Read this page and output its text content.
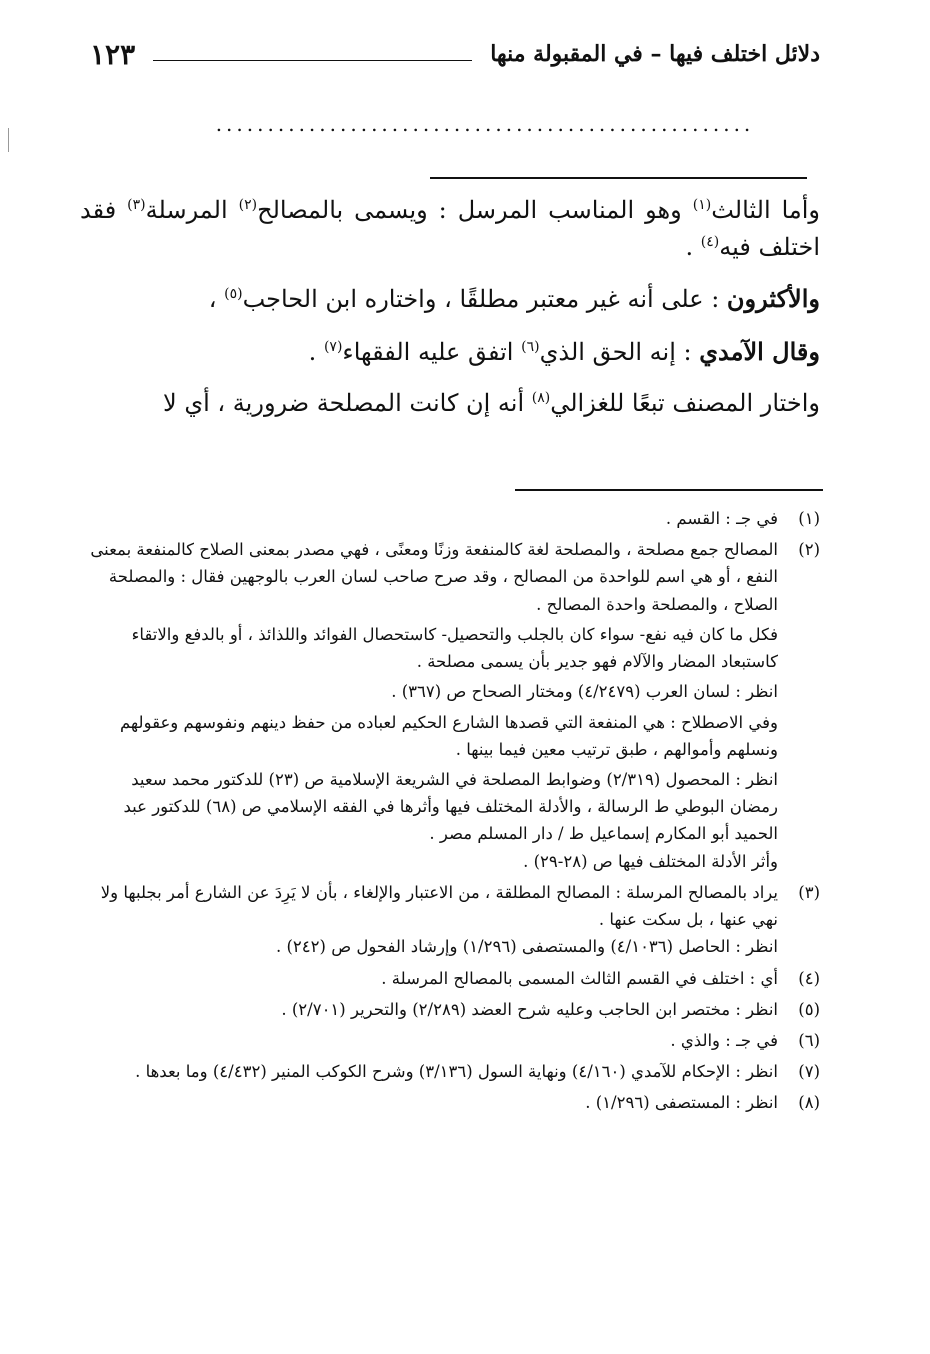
دلائل اختلف فيها – في المقبولة منها
١٢٣
....................................................

وأما الثالث$^{(١)}$ وهو المناسب المرسل : ويسمى بالمصالح$^{(٢)}$ المرسلة$^{(٣)}$ فقد اختلف فيه$^{(٤)}$ .

والأكثرون : على أنه غير معتبر مطلقًا ، واختاره ابن الحاجب$^{(٥)}$ ،

وقال الآمدي : إنه الحق الذي$^{(٦)}$ اتفق عليه الفقهاء$^{(٧)}$ .

واختار المصنف تبعًا للغزالي$^{(٨)}$ أنه إن كانت المصلحة ضرورية ، أي لا

(١)

في جـ : القسم .

(٢)

المصالح جمع مصلحة ، والمصلحة لغة كالمنفعة وزنًا ومعنًى ، فهي مصدر بمعنى الصلاح كالمنفعة بمعنى النفع ، أو هي اسم للواحدة من المصالح ، وقد صرح صاحب لسان العرب بالوجهين فقال : والمصلحة الصلاح ، والمصلحة واحدة المصالح .

فكل ما كان فيه نفع- سواء كان بالجلب والتحصيل- كاستحصال الفوائد واللذائذ ، أو بالدفع والاتقاء كاستبعاد المضار والآلام فهو جدير بأن يسمى مصلحة .

انظر : لسان العرب (٤/٢٤٧٩) ومختار الصحاح ص (٣٦٧) .

وفي الاصطلاح : هي المنفعة التي قصدها الشارع الحكيم لعباده من حفظ دينهم ونفوسهم وعقولهم ونسلهم وأموالهم ، طبق ترتيب معين فيما بينها .

انظر : المحصول (٢/٣١٩) وضوابط المصلحة في الشريعة الإسلامية ص (٢٣) للدكتور محمد سعيد رمضان البوطي ط الرسالة ، والأدلة المختلف فيها وأثرها في الفقه الإسلامي ص (٦٨) للدكتور عبد الحميد أبو المكارم إسماعيل ط / دار المسلم مصر .

وأثر الأدلة المختلف فيها ص (٢٨-٢٩) .

(٣)

يراد بالمصالح المرسلة : المصالح المطلقة ، من الاعتبار والإلغاء ، بأن لا يَرِدَ عن الشارع أمر بجلبها ولا نهي عنها ، بل سكت عنها .

انظر : الحاصل (٤/١٠٣٦) والمستصفى (١/٢٩٦) وإرشاد الفحول ص (٢٤٢) .

(٤)

أي : اختلف في القسم الثالث المسمى بالمصالح المرسلة .

(٥)

انظر : مختصر ابن الحاجب وعليه شرح العضد (٢/٢٨٩) والتحرير (٢/٧٠١) .

(٦)

في جـ : والذي .

(٧)

انظر : الإحكام للآمدي (٤/١٦٠) ونهاية السول (٣/١٣٦) وشرح الكوكب المنير (٤/٤٣٢) وما بعدها .

(٨)

انظر : المستصفى (١/٢٩٦) .
